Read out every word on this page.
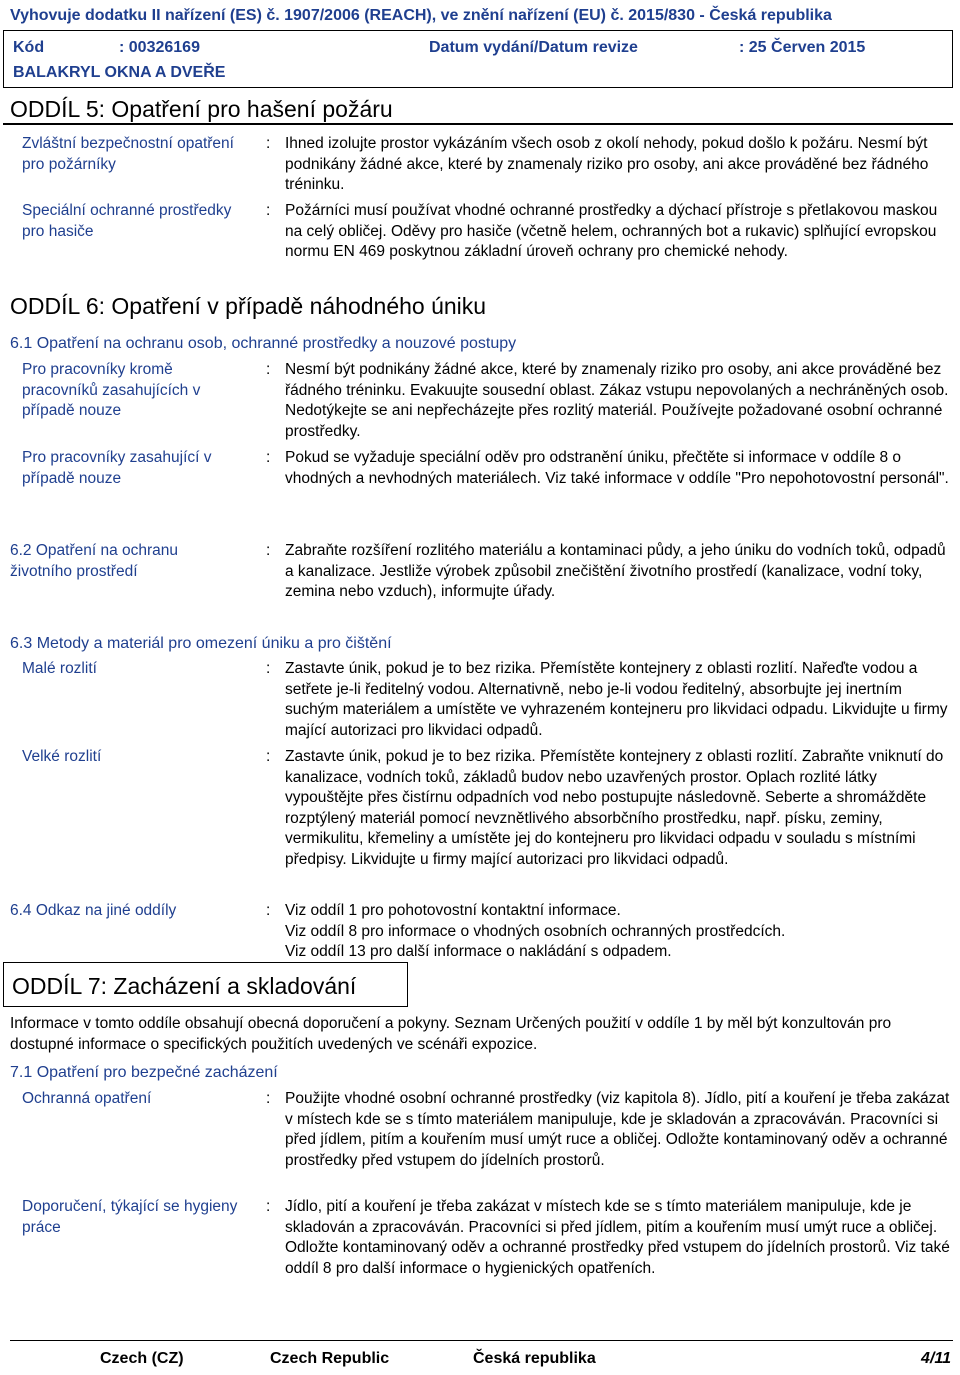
Vyhovuje dodatku II nařízení (ES) č. 1907/2006 (REACH), ve znění nařízení (EU) č. 2015/830 - Česká republika
Kód	: 00326169	Datum vydání/Datum revize	: 25 Červen 2015
BALAKRYL OKNA A DVEŘE
ODDÍL 5: Opatření pro hašení požáru
Zvláštní bezpečnostní opatření pro požárníky
: Ihned izolujte prostor vykázáním všech osob z okolí nehody, pokud došlo k požáru. Nesmí být podnikány žádné akce, které by znamenaly riziko pro osoby, ani akce prováděné bez řádného tréninku.
Speciální ochranné prostředky pro hasiče
: Požárníci musí používat vhodné ochranné prostředky a dýchací přístroje s přetlakovou maskou na celý obličej. Oděvy pro hasiče (včetně helem, ochranných bot a rukavic) splňující evropskou normu EN 469 poskytnou základní úroveň ochrany pro chemické nehody.
ODDÍL 6: Opatření v případě náhodného úniku
6.1 Opatření na ochranu osob, ochranné prostředky a nouzové postupy
Pro pracovníky kromě pracovníků zasahujících v případě nouze
: Nesmí být podnikány žádné akce, které by znamenaly riziko pro osoby, ani akce prováděné bez řádného tréninku. Evakuujte sousední oblast. Zákaz vstupu nepovolaných a nechráněných osob. Nedotýkejte se ani nepřecházejte přes rozlitý materiál. Používejte požadované osobní ochranné prostředky.
Pro pracovníky zasahující v případě nouze
: Pokud se vyžaduje speciální oděv pro odstranění úniku, přečtěte si informace v oddíle 8 o vhodných a nevhodných materiálech. Viz také informace v oddíle "Pro nepohotovostní personál".
6.2 Opatření na ochranu životního prostředí
: Zabraňte rozšíření rozlitého materiálu a kontaminaci půdy, a jeho úniku do vodních toků, odpadů a kanalizace. Jestliže výrobek způsobil znečištění životního prostředí (kanalizace, vodní toky, zemina nebo vzduch), informujte úřady.
6.3 Metody a materiál pro omezení úniku a pro čištění
Malé rozlití	: Zastavte únik, pokud je to bez rizika. Přemístěte kontejnery z oblasti rozlití. Nařeďte vodou a setřete je-li ředitelný vodou. Alternativně, nebo je-li vodou ředitelný, absorbujte jej inertním suchým materiálem a umístěte ve vyhrazeném kontejneru pro likvidaci odpadu. Likvidujte u firmy mající autorizaci pro likvidaci odpadů.
Velké rozlití	: Zastavte únik, pokud je to bez rizika. Přemístěte kontejnery z oblasti rozlití. Zabraňte vniknutí do kanalizace, vodních toků, základů budov nebo uzavřených prostor. Oplach rozlité látky vypouštějte přes čistírnu odpadních vod nebo postupujte následovně. Seberte a shromážděte rozptýlený materiál pomocí nevznětlivého absorbčního prostředku, např. písku, zeminy, vermikulitu, křemeliny a umístěte jej do kontejneru pro likvidaci odpadu v souladu s místními předpisy. Likvidujte u firmy mající autorizaci pro likvidaci odpadů.
6.4 Odkaz na jiné oddíly	: Viz oddíl 1 pro pohotovostní kontaktní informace.
Viz oddíl 8 pro informace o vhodných osobních ochranných prostředcích.
Viz oddíl 13 pro další informace o nakládání s odpadem.
ODDÍL 7: Zacházení a skladování
Informace v tomto oddíle obsahují obecná doporučení a pokyny. Seznam Určených použití v oddíle 1 by měl být konzultován pro dostupné informace o specifických použitích uvedených ve scénáři expozice.
7.1 Opatření pro bezpečné zacházení
Ochranná opatření	: Použijte vhodné osobní ochranné prostředky (viz kapitola 8). Jídlo, pití a kouření je třeba zakázat v místech kde se s tímto materiálem manipuluje, kde je skladován a zpracováván. Pracovníci si před jídlem, pitím a kouřením musí umýt ruce a obličej. Odložte kontaminovaný oděv a ochranné prostředky před vstupem do jídelních prostorů.
Doporučení, týkající se hygieny práce
: Jídlo, pití a kouření je třeba zakázat v místech kde se s tímto materiálem manipuluje, kde je skladován a zpracováván. Pracovníci si před jídlem, pitím a kouřením musí umýt ruce a obličej. Odložte kontaminovaný oděv a ochranné prostředky před vstupem do jídelních prostorů. Viz také oddíl 8 pro další informace o hygienických opatřeních.
Czech (CZ)	Czech Republic	Česká republika	4/11
